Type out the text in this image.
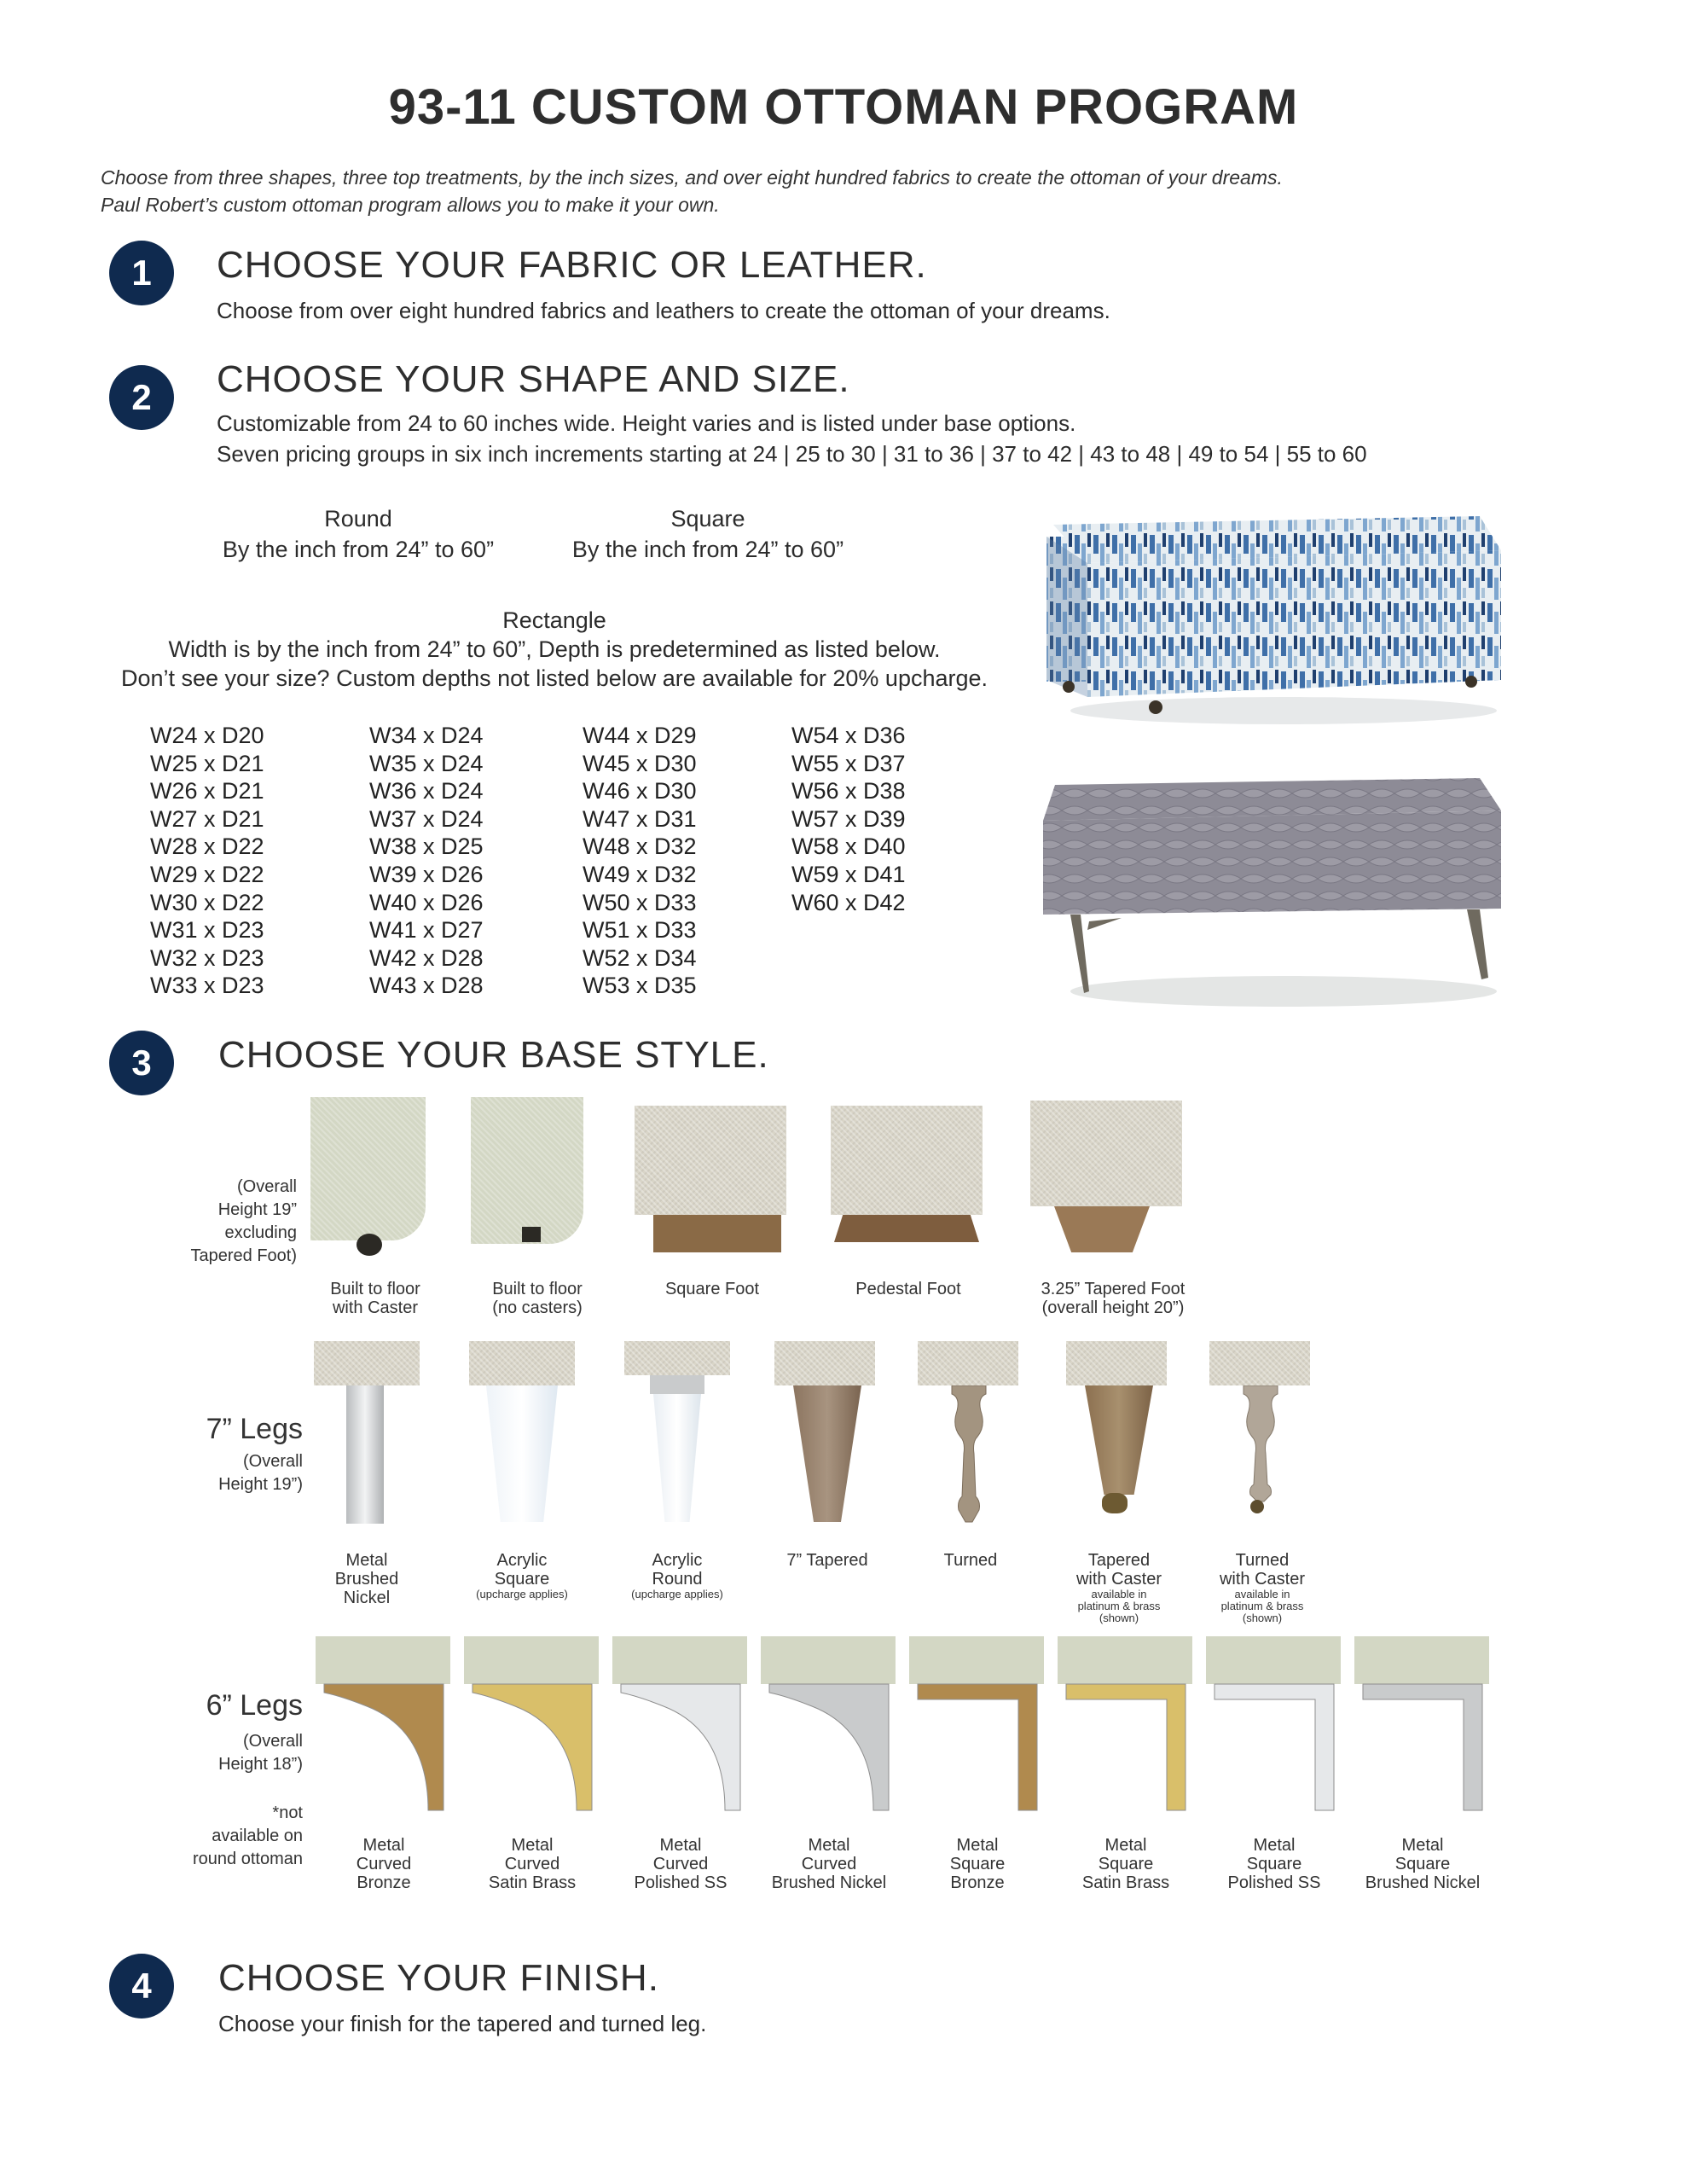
93-11 CUSTOM OTTOMAN PROGRAM
Choose from three shapes, three top treatments, by the inch sizes, and over eight hundred fabrics to create the ottoman of your dreams.
Paul Robert’s custom ottoman program allows you to make it your own.
1	CHOOSE YOUR FABRIC OR LEATHER.
Choose from over eight hundred fabrics and leathers to create the ottoman of your dreams.
2	CHOOSE YOUR SHAPE AND SIZE.
Customizable from 24 to 60 inches wide. Height varies and is listed under base options.
Seven pricing groups in six inch increments starting at 24 | 25 to 30 | 31 to 36 | 37 to 42 | 43 to 48 | 49 to 54 | 55 to 60
Round
By the inch from 24” to 60”
Square
By the inch from 24” to 60”
Rectangle
Width is by the inch from 24” to 60”, Depth is predetermined as listed below.
Don’t see your size? Custom depths not listed below are available for 20% upcharge.
W24 x D20
W25 x D21
W26 x D21
W27 x D21
W28 x D22
W29 x D22
W30 x D22
W31 x D23
W32 x D23
W33 x D23
W34 x D24
W35 x D24
W36 x D24
W37 x D24
W38 x D25
W39 x D26
W40 x D26
W41 x D27
W42 x D28
W43 x D28
W44 x D29
W45 x D30
W46 x D30
W47 x D31
W48 x D32
W49 x D32
W50 x D33
W51 x D33
W52 x D34
W53 x D35
W54 x D36
W55 x D37
W56 x D38
W57 x D39
W58 x D40
W59 x D41
W60 x D42
3	CHOOSE YOUR BASE STYLE.
(Overall
Height 19”
excluding
Tapered Foot)
Built to floor
with Caster
Built to floor
(no casters)
Square Foot	Pedestal Foot	3.25” Tapered Foot
(overall height 20”)
7” Legs
(Overall
Height 19”)
Metal
Brushed
Nickel
Acrylic
Square
(upcharge applies)
Acrylic
Round
(upcharge applies)
7” Tapered	Turned	Tapered
with Caster
available in
platinum & brass
(shown)
Turned
with Caster
available in
platinum & brass
(shown)
6” Legs
(Overall
Height 18”)
*not
available on
round ottoman
Metal
Curved
Bronze
Metal
Curved
Satin Brass
Metal
Curved
Polished SS
Metal
Curved
Brushed Nickel
Metal
Square
Bronze
Metal
Square
Satin Brass
Metal
Square
Polished SS
Metal
Square
Brushed Nickel
4	CHOOSE YOUR FINISH.
Choose your finish for the tapered and turned leg.
